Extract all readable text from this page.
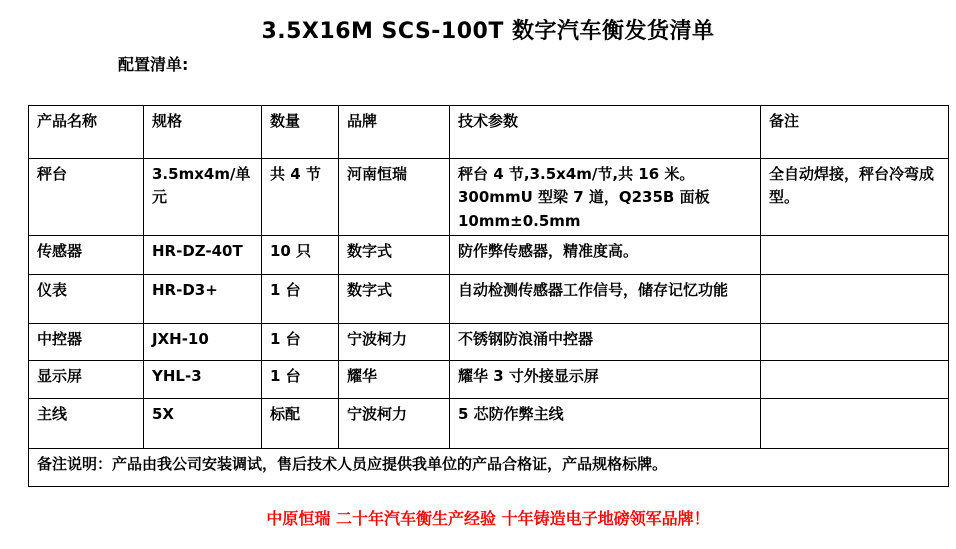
3.5X16M SCS-100T 数字汽车衡发货清单
配置清单:
产品名称	规格	数量	品牌	技术参数	备注
秤台	3.5mx4m/单元	共 4 节	河南恒瑞	秤台 4 节,3.5x4m/节,共 16 米。300mmU 型梁 7 道，Q235B 面板 10mm±0.5mm	全自动焊接，秤台冷弯成型。
传感器	HR-DZ-40T	10 只	数字式	防作弊传感器，精准度高。	
仪表	HR-D3+	1 台	数字式	自动检测传感器工作信号，储存记忆功能	
中控器	JXH-10	1 台	宁波柯力	不锈钢防浪涌中控器	
显示屏	YHL-3	1 台	耀华	耀华 3 寸外接显示屏	
主线	5X	标配	宁波柯力	5 芯防作弊主线	
备注说明：产品由我公司安装调试，售后技术人员应提供我单位的产品合格证，产品规格标牌。					
中原恒瑞 二十年汽车衡生产经验 十年铸造电子地磅领军品牌！
